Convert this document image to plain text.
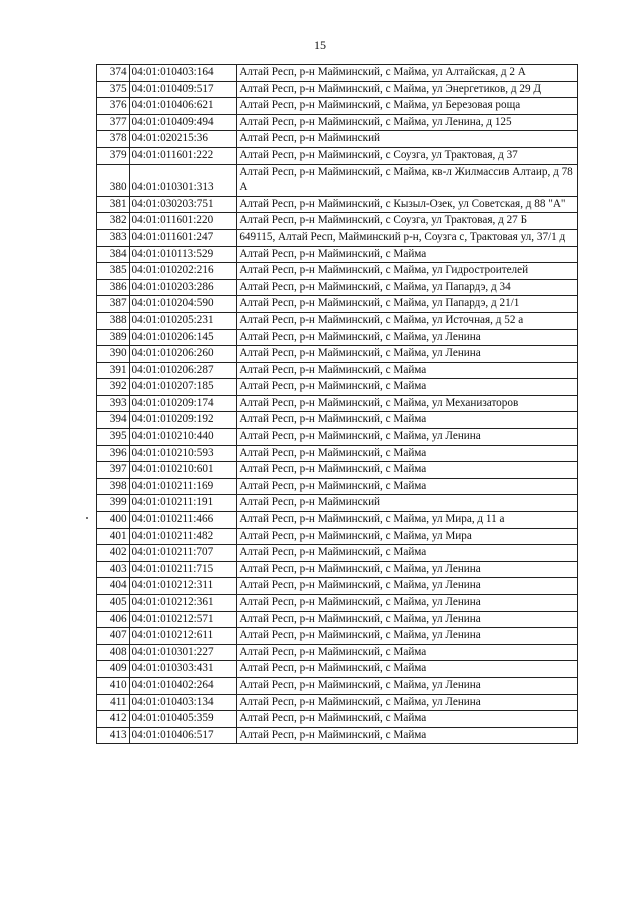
15
374	04:01:010403:164	Алтай Респ, р-н Майминский, с Майма, ул Алтайская, д 2 А
375	04:01:010409:517	Алтай Респ, р-н Майминский, с Майма, ул Энергетиков, д 29 Д
376	04:01:010406:621	Алтай Респ, р-н Майминский, с Майма, ул Березовая роща
377	04:01:010409:494	Алтай Респ, р-н Майминский, с Майма, ул Ленина, д 125
378	04:01:020215:36	Алтай Респ, р-н Майминский
379	04:01:011601:222	Алтай Респ, р-н Майминский, с Соузга, ул Трактовая, д 37
380	04:01:010301:313	Алтай Респ, р-н Майминский, с Майма, кв-л Жилмассив Алтаир, д 78 А
381	04:01:030203:751	Алтай Респ, р-н Майминский, с Кызыл-Озек, ул Советская, д 88 "А"
382	04:01:011601:220	Алтай Респ, р-н Майминский, с Соузга, ул Трактовая, д 27 Б
383	04:01:011601:247	649115, Алтай Респ, Майминский р-н, Соузга с, Трактовая ул, 37/1 д
384	04:01:010113:529	Алтай Респ, р-н Майминский, с Майма
385	04:01:010202:216	Алтай Респ, р-н Майминский, с Майма, ул Гидростроителей
386	04:01:010203:286	Алтай Респ, р-н Майминский, с Майма, ул Папардэ, д 34
387	04:01:010204:590	Алтай Респ, р-н Майминский, с Майма, ул Папардэ, д 21/1
388	04:01:010205:231	Алтай Респ, р-н Майминский, с Майма, ул Источная, д 52 а
389	04:01:010206:145	Алтай Респ, р-н Майминский, с Майма, ул Ленина
390	04:01:010206:260	Алтай Респ, р-н Майминский, с Майма, ул Ленина
391	04:01:010206:287	Алтай Респ, р-н Майминский, с Майма
392	04:01:010207:185	Алтай Респ, р-н Майминский, с Майма
393	04:01:010209:174	Алтай Респ, р-н Майминский, с Майма, ул Механизаторов
394	04:01:010209:192	Алтай Респ, р-н Майминский, с Майма
395	04:01:010210:440	Алтай Респ, р-н Майминский, с Майма, ул Ленина
396	04:01:010210:593	Алтай Респ, р-н Майминский, с Майма
397	04:01:010210:601	Алтай Респ, р-н Майминский, с Майма
398	04:01:010211:169	Алтай Респ, р-н Майминский, с Майма
399	04:01:010211:191	Алтай Респ, р-н Майминский
400	04:01:010211:466	Алтай Респ, р-н Майминский, с Майма, ул Мира, д 11 а
401	04:01:010211:482	Алтай Респ, р-н Майминский, с Майма, ул Мира
402	04:01:010211:707	Алтай Респ, р-н Майминский, с Майма
403	04:01:010211:715	Алтай Респ, р-н Майминский, с Майма, ул Ленина
404	04:01:010212:311	Алтай Респ, р-н Майминский, с Майма, ул Ленина
405	04:01:010212:361	Алтай Респ, р-н Майминский, с Майма, ул Ленина
406	04:01:010212:571	Алтай Респ, р-н Майминский, с Майма, ул Ленина
407	04:01:010212:611	Алтай Респ, р-н Майминский, с Майма, ул Ленина
408	04:01:010301:227	Алтай Респ, р-н Майминский, с Майма
409	04:01:010303:431	Алтай Респ, р-н Майминский, с Майма
410	04:01:010402:264	Алтай Респ, р-н Майминский, с Майма, ул Ленина
411	04:01:010403:134	Алтай Респ, р-н Майминский, с Майма, ул Ленина
412	04:01:010405:359	Алтай Респ, р-н Майминский, с Майма
413	04:01:010406:517	Алтай Респ, р-н Майминский, с Майма
